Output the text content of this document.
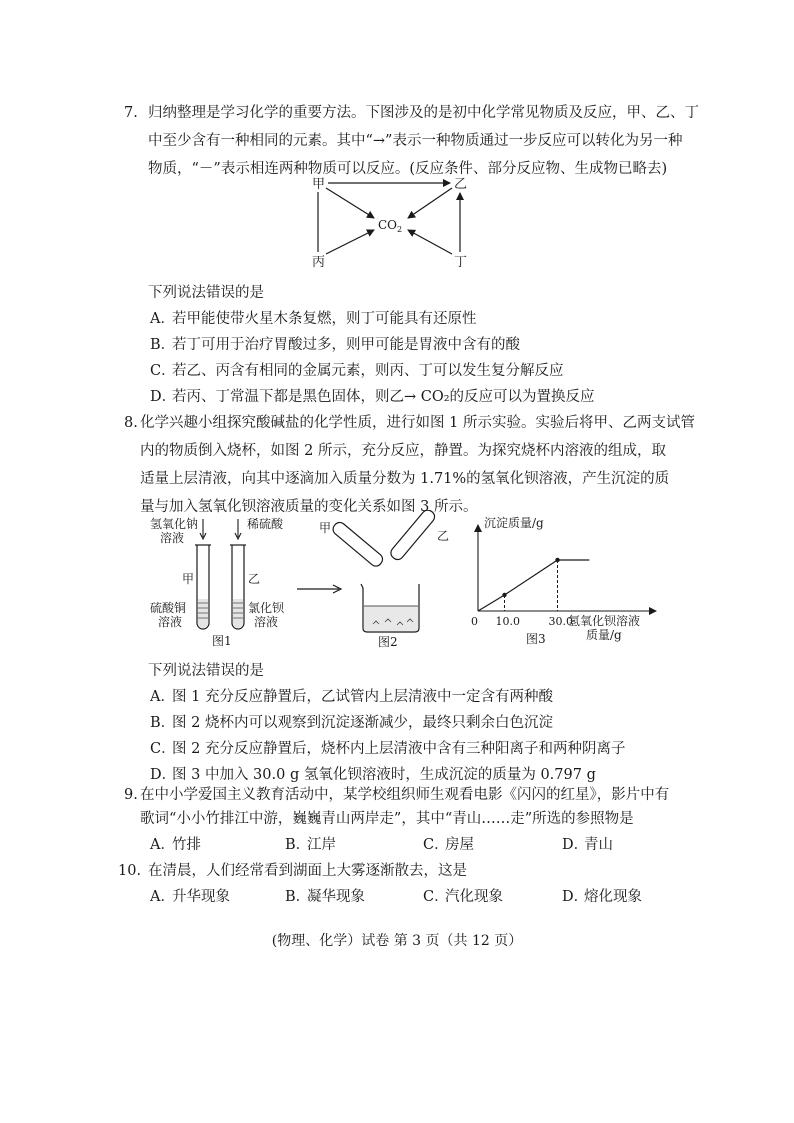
7. 归纳整理是学习化学的重要方法。下图涉及的是初中化学常见物质及反应，甲、乙、丁
中至少含有一种相同的元素。其中“→”表示一种物质通过一步反应可以转化为另一种
物质，“－”表示相连两种物质可以反应。(反应条件、部分反应物、生成物已略去)
甲	乙
丙	丁
$CO_2$
下列说法错误的是
A．
若甲能使带火星木条复燃，则丁可能具有还原性
B．
若丁可用于治疗胃酸过多，则甲可能是胃液中含有的酸
C．
若乙、丙含有相同的金属元素，则丙、丁可以发生复分解反应
D．
若丙、丁常温下都是黑色固体，则乙→ CO₂的反应可以为置换反应
8. 化学兴趣小组探究酸碱盐的化学性质，进行如图 1 所示实验。实验后将甲、乙两支试管
内的物质倒入烧杯，如图 2 所示，充分反应，静置。为探究烧杯内溶液的组成，取
适量上层清液，向其中逐滴加入质量分数为 1.71%的氢氧化钡溶液，产生沉淀的质
量与加入氢氧化钡溶液质量的变化关系如图 3 所示。
氢氧化钠
溶液
稀硫酸
甲	乙
硫酸铜
溶液
氯化钡
溶液
图1
甲
乙
图2
沉淀质量/g
0 10.0	30.0
氢氧化钡溶液
质量/g
图3
下列说法错误的是
A．
图 1 充分反应静置后，乙试管内上层清液中一定含有两种酸
B．
图 2 烧杯内可以观察到沉淀逐渐减少，最终只剩余白色沉淀
C．
图 2 充分反应静置后，烧杯内上层清液中含有三种阳离子和两种阴离子
D．
图 3 中加入 30.0 g 氢氧化钡溶液时，生成沉淀的质量为 0.797 g
9. 在中小学爱国主义教育活动中，某学校组织师生观看电影《闪闪的红星》，影片中有
歌词“小小竹排江中游，巍巍青山两岸走”，其中“青山……走”所选的参照物是
A．
竹排	B．
江岸	C．
房屋	D．
青山
10. 在清晨，人们经常看到湖面上大雾逐渐散去，这是
A．
升华现象	B．
凝华现象	C．
汽化现象	D．
熔化现象
(物理、化学）试卷 第 3 页（共 12 页）
